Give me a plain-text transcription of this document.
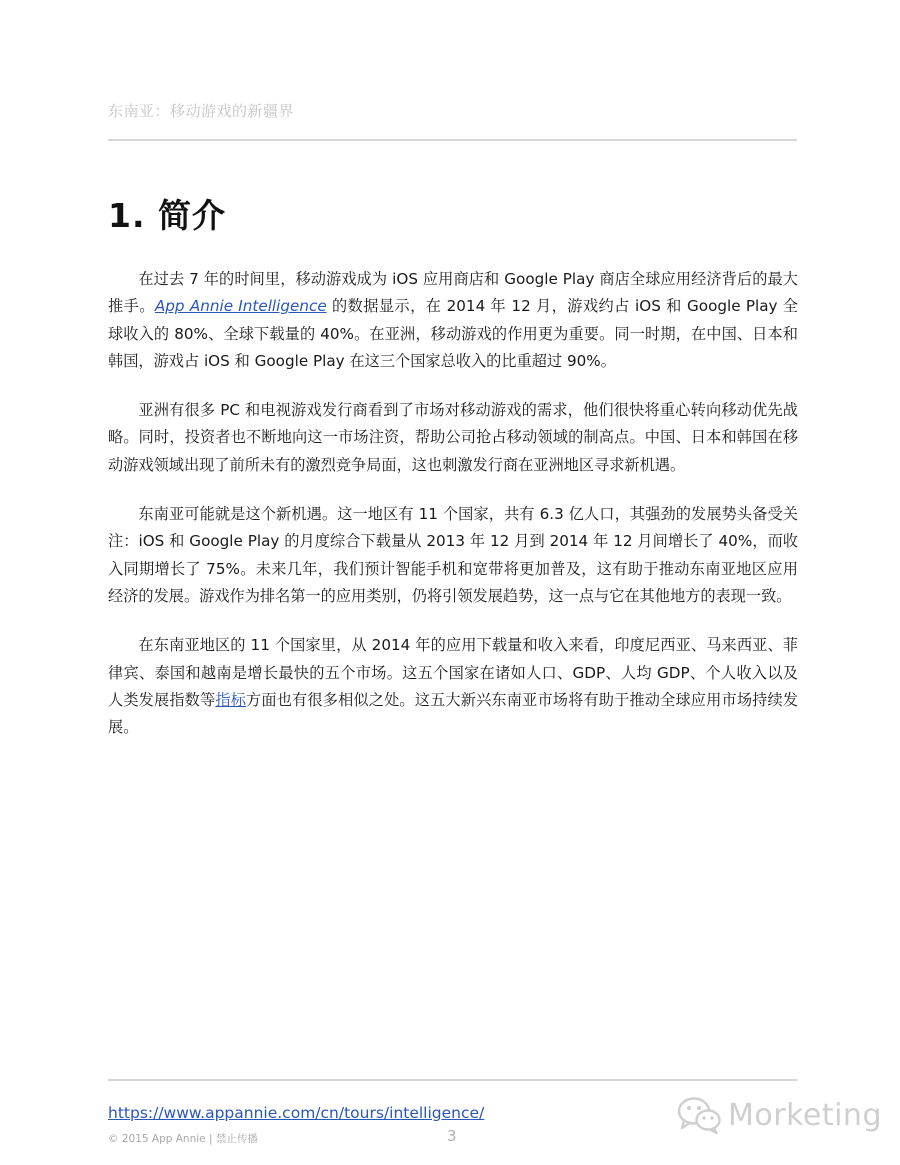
东南亚：移动游戏的新疆界
1. 简介

在过去 7 年的时间里，移动游戏成为 iOS 应用商店和 Google Play 商店全球应用经济背后的最大推手。App Annie Intelligence 的数据显示，在 2014 年 12 月，游戏约占 iOS 和 Google Play 全球收入的 80%、全球下载量的 40%。在亚洲，移动游戏的作用更为重要。同一时期，在中国、日本和韩国，游戏占 iOS 和 Google Play 在这三个国家总收入的比重超过 90%。

亚洲有很多 PC 和电视游戏发行商看到了市场对移动游戏的需求，他们很快将重心转向移动优先战略。同时，投资者也不断地向这一市场注资，帮助公司抢占移动领域的制高点。中国、日本和韩国在移动游戏领域出现了前所未有的激烈竞争局面，这也刺激发行商在亚洲地区寻求新机遇。

东南亚可能就是这个新机遇。这一地区有 11 个国家，共有 6.3 亿人口，其强劲的发展势头备受关注：iOS 和 Google Play 的月度综合下载量从 2013 年 12 月到 2014 年 12 月间增长了 40%，而收入同期增长了 75%。未来几年，我们预计智能手机和宽带将更加普及，这有助于推动东南亚地区应用经济的发展。游戏作为排名第一的应用类别，仍将引领发展趋势，这一点与它在其他地方的表现一致。

在东南亚地区的 11 个国家里，从 2014 年的应用下载量和收入来看，印度尼西亚、马来西亚、菲律宾、泰国和越南是增长最快的五个市场。这五个国家在诸如人口、GDP、人均 GDP、个人收入以及人类发展指数等指标方面也有很多相似之处。这五大新兴东南亚市场将有助于推动全球应用市场持续发展。

https://www.appannie.com/cn/tours/intelligence/
© 2015 App Annie | 禁止传播	3
Morketing
